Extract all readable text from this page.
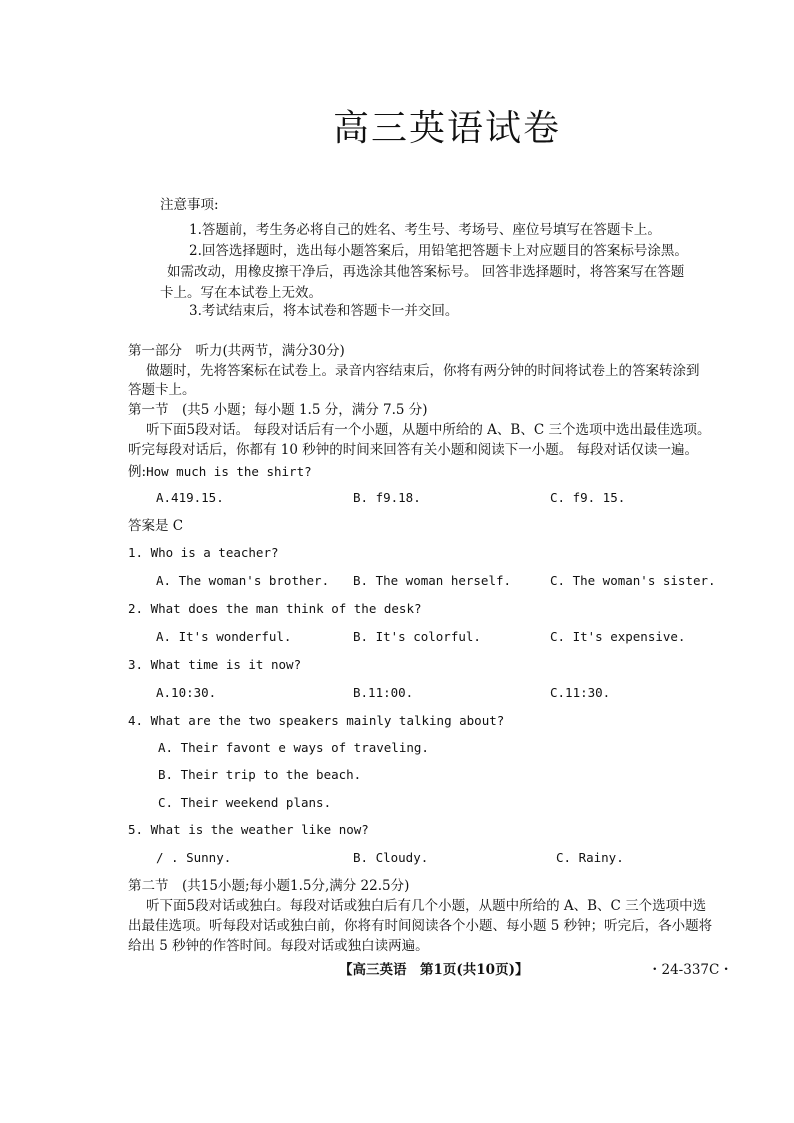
高三英语试卷
注意事项:
1.答题前，考生务必将自己的姓名、考生号、考场号、座位号填写在答题卡上。
2.回答选择题时，选出每小题答案后，用铅笔把答题卡上对应题目的答案标号涂黑。
如需改动，用橡皮擦干净后，再选涂其他答案标号。 回答非选择题时，将答案写在答题
卡上。写在本试卷上无效。
3.考试结束后，将本试卷和答题卡一并交回。
第一部分　听力(共两节，满分30分)
做题时，先将答案标在试卷上。录音内容结束后，你将有两分钟的时间将试卷上的答案转涂到
答题卡上。
第一节　(共5 小题；每小题 1.5 分，满分 7.5 分)
听下面5段对话。 每段对话后有一个小题，从题中所给的 A、B、C 三个选项中选出最佳选项。
听完每段对话后，你都有 10 秒钟的时间来回答有关小题和阅读下一小题。 每段对话仅读一遍。
例:How much is the shirt?
A.419.15.	B. f9.18.	C. f9. 15.
答案是 C
1. Who is a teacher?
A. The woman's brother. B. The woman herself.	C. The woman's sister.
2. What does the man think of the desk?
A. It's wonderful.	B. It's colorful.	C. It's expensive.
3. What time is it now?
A.10:30.	B.11:00.	C.11:30.
4. What are the two speakers mainly talking about?
A. Their favont e ways of traveling.
B. Their trip to the beach.
C. Their weekend plans.
5. What is the weather like now?
/ . Sunny.	B. Cloudy.	C. Rainy.
第二节　(共15小题;每小题1.5分,满分 22.5分)
听下面5段对话或独白。每段对话或独白后有几个小题，从题中所给的 A、B、C 三个选项中选
出最佳选项。听每段对话或独白前，你将有时间阅读各个小题、每小题 5 秒钟；听完后，各小题将
给出 5 秒钟的作答时间。每段对话或独白读两遍。
【高三英语　第1页(共10页)】	・24-337C・
